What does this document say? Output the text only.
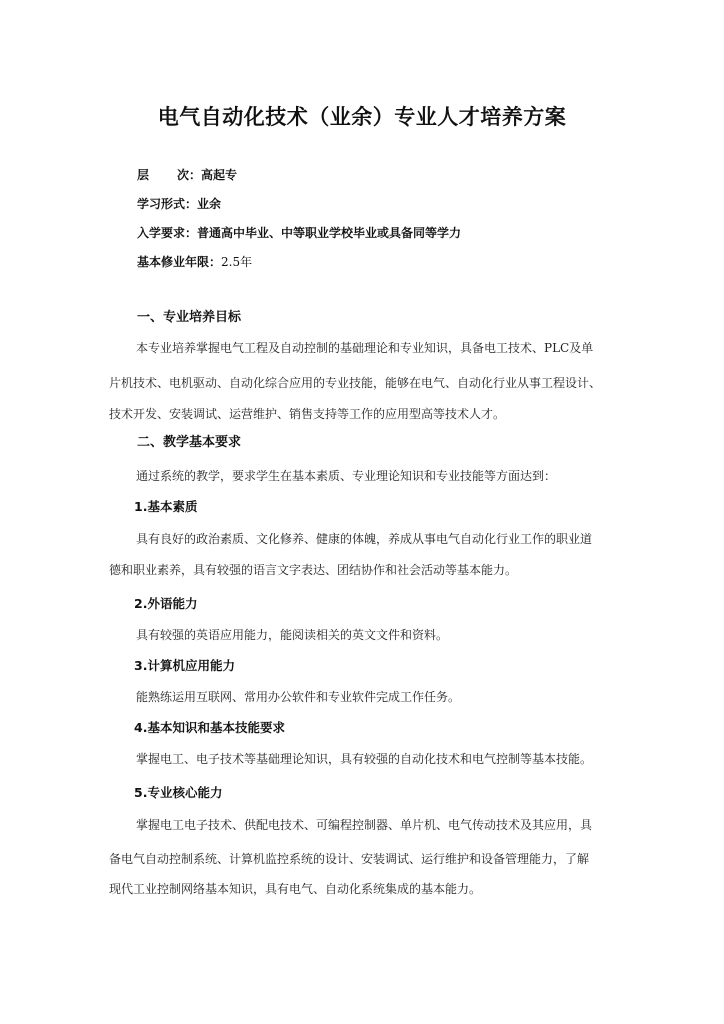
电气自动化技术（业余）专业人才培养方案
层 次：高起专
学习形式：业余
入学要求：普通高中毕业、中等职业学校毕业或具备同等学力
基本修业年限：2.5年
一、专业培养目标
本专业培养掌握电气工程及自动控制的基础理论和专业知识，具备电工技术、PLC及单
片机技术、电机驱动、自动化综合应用的专业技能，能够在电气、自动化行业从事工程设计、
技术开发、安装调试、运营维护、销售支持等工作的应用型高等技术人才。
二、教学基本要求
通过系统的教学，要求学生在基本素质、专业理论知识和专业技能等方面达到：
1.基本素质
具有良好的政治素质、文化修养、健康的体魄，养成从事电气自动化行业工作的职业道
德和职业素养，具有较强的语言文字表达、团结协作和社会活动等基本能力。
2.外语能力
具有较强的英语应用能力，能阅读相关的英文文件和资料。
3.计算机应用能力
能熟练运用互联网、常用办公软件和专业软件完成工作任务。
4.基本知识和基本技能要求
掌握电工、电子技术等基础理论知识，具有较强的自动化技术和电气控制等基本技能。
5.专业核心能力
掌握电工电子技术、供配电技术、可编程控制器、单片机、电气传动技术及其应用，具
备电气自动控制系统、计算机监控系统的设计、安装调试、运行维护和设备管理能力，了解
现代工业控制网络基本知识，具有电气、自动化系统集成的基本能力。
